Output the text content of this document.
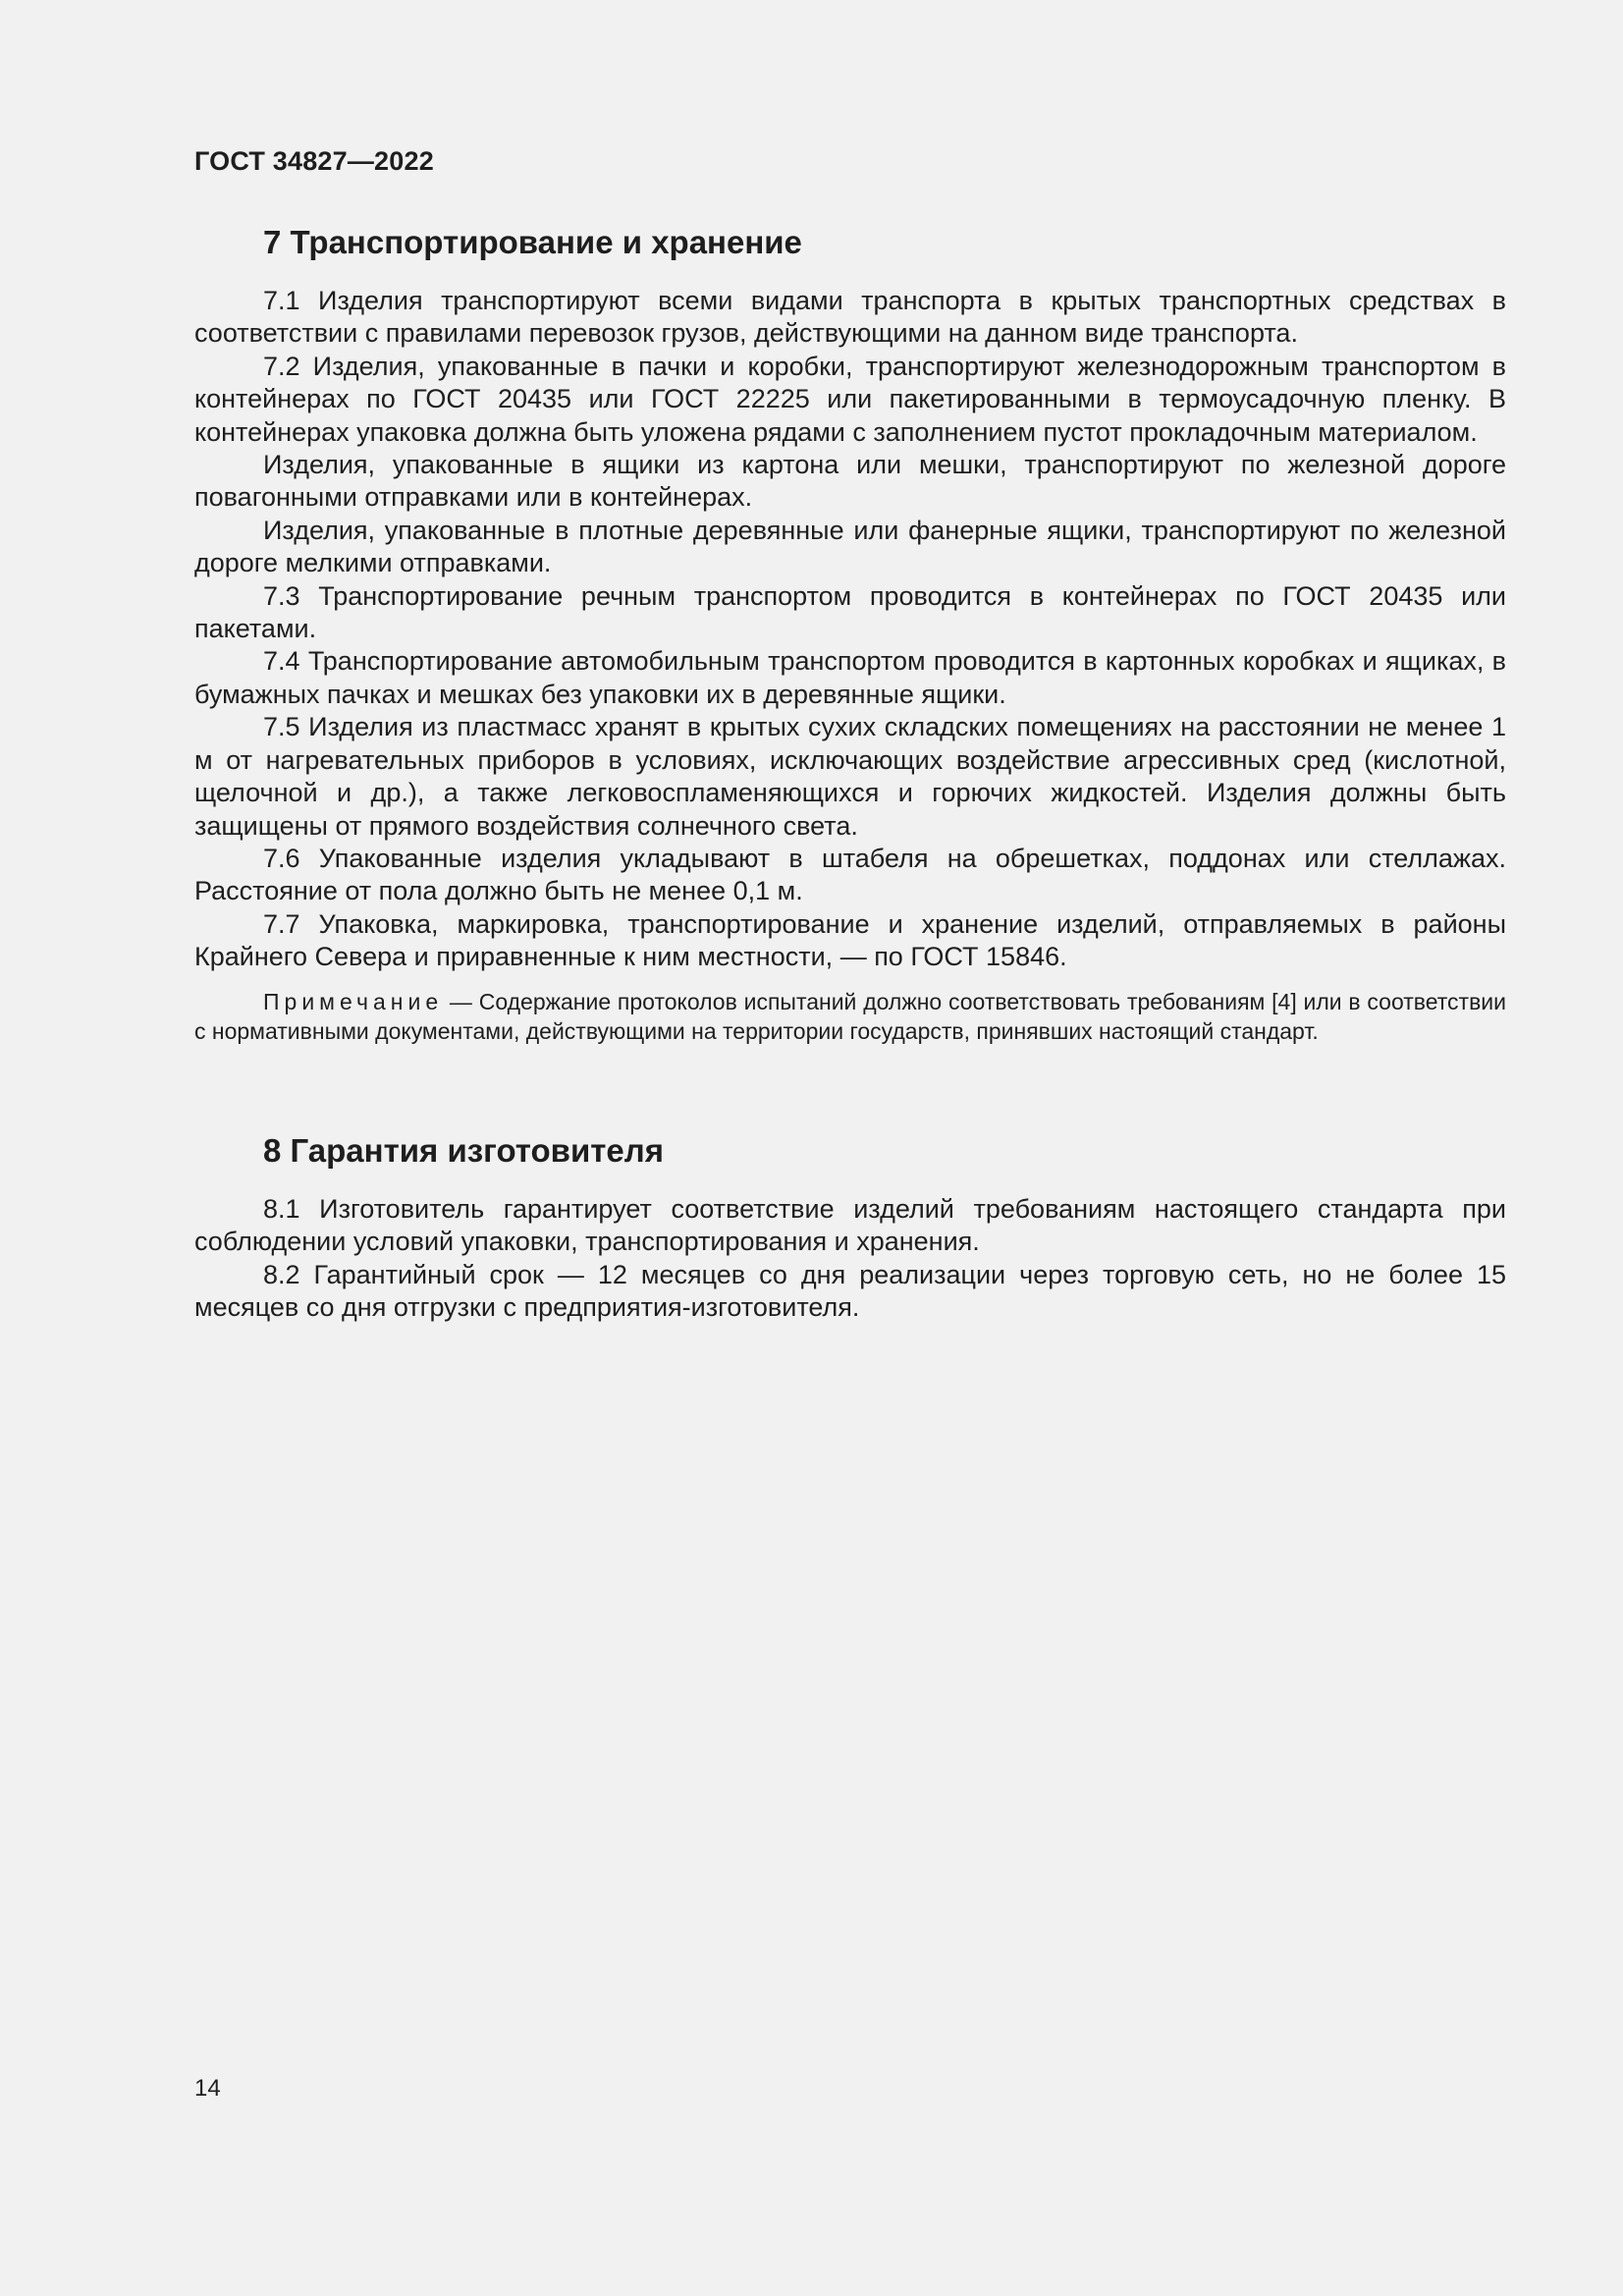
ГОСТ 34827—2022
7 Транспортирование и хранение

7.1 Изделия транспортируют всеми видами транспорта в крытых транспортных средствах в соответствии с правилами перевозок грузов, действующими на данном виде транспорта.

7.2 Изделия, упакованные в пачки и коробки, транспортируют железнодорожным транспортом в контейнерах по ГОСТ 20435 или ГОСТ 22225 или пакетированными в термоусадочную пленку. В контейнерах упаковка должна быть уложена рядами с заполнением пустот прокладочным материалом.

Изделия, упакованные в ящики из картона или мешки, транспортируют по железной дороге повагонными отправками или в контейнерах.

Изделия, упакованные в плотные деревянные или фанерные ящики, транспортируют по железной дороге мелкими отправками.

7.3 Транспортирование речным транспортом проводится в контейнерах по ГОСТ 20435 или пакетами.

7.4 Транспортирование автомобильным транспортом проводится в картонных коробках и ящиках, в бумажных пачках и мешках без упаковки их в деревянные ящики.

7.5 Изделия из пластмасс хранят в крытых сухих складских помещениях на расстоянии не менее 1 м от нагревательных приборов в условиях, исключающих воздействие агрессивных сред (кислотной, щелочной и др.), а также легковоспламеняющихся и горючих жидкостей. Изделия должны быть защищены от прямого воздействия солнечного света.

7.6 Упакованные изделия укладывают в штабеля на обрешетках, поддонах или стеллажах. Расстояние от пола должно быть не менее 0,1 м.

7.7 Упаковка, маркировка, транспортирование и хранение изделий, отправляемых в районы Крайнего Севера и приравненные к ним местности, — по ГОСТ 15846.

Примечание — Содержание протоколов испытаний должно соответствовать требованиям [4] или в соответствии с нормативными документами, действующими на территории государств, принявших настоящий стандарт.

8 Гарантия изготовителя

8.1 Изготовитель гарантирует соответствие изделий требованиям настоящего стандарта при соблюдении условий упаковки, транспортирования и хранения.

8.2 Гарантийный срок — 12 месяцев со дня реализации через торговую сеть, но не более 15 месяцев со дня отгрузки с предприятия-изготовителя.

14
